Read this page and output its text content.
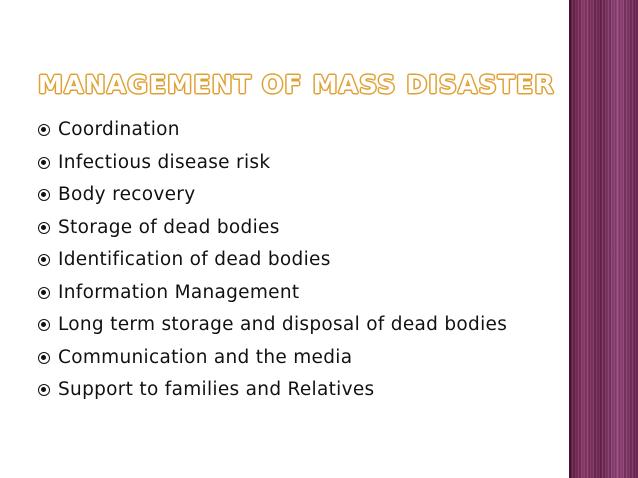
MANAGEMENT OF MASS DISASTER
Coordination
Infectious disease risk
Body recovery
Storage of dead bodies
Identification of dead bodies
Information Management
Long term storage and disposal of dead bodies
Communication and the media
Support to families and Relatives
